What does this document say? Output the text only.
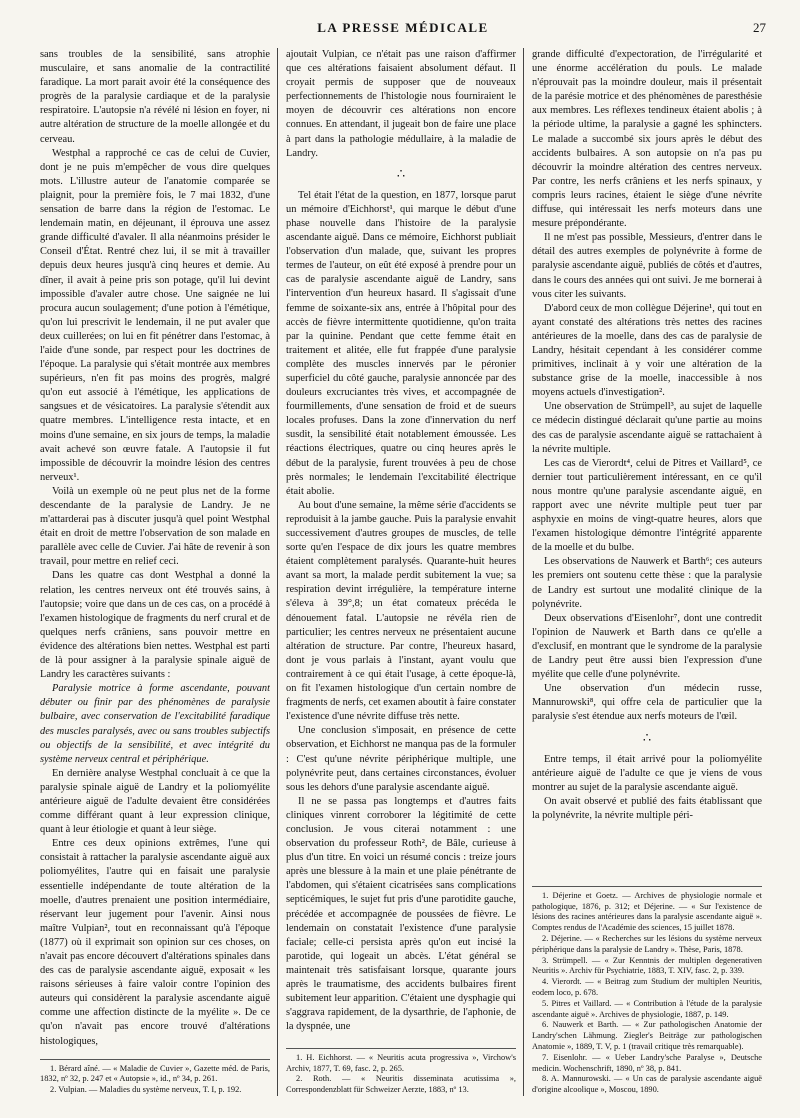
LA PRESSE MÉDICALE	27

sans troubles de la sensibilité, sans atrophie musculaire, et sans anomalie de la contractilité faradique. La mort parait avoir été la conséquence des progrès de la paralysie cardiaque et de la paralysie respiratoire. L'autopsie n'a révélé ni lésion en foyer, ni autre altération de structure de la moelle allongée et du cerveau.

Westphal a rapproché ce cas de celui de Cuvier, dont je ne puis m'empêcher de vous dire quelques mots. L'illustre auteur de l'anatomie comparée se plaignit, pour la première fois, le 7 mai 1832, d'une sensation de barre dans la région de l'estomac. Le lendemain matin, en déjeunant, il éprouva une assez grande difficulté d'avaler. Il alla néanmoins présider le Conseil d'État. Rentré chez lui, il se mit à travailler depuis deux heures jusqu'à cinq heures et demie. Au dîner, il avait à peine pris son potage, qu'il lui devint impossible d'avaler autre chose. Une saignée ne lui procura aucun soulagement; d'une potion à l'émétique, qu'on lui prescrivit le lendemain, il ne put avaler que deux cuillerées; on lui en fit pénétrer dans l'estomac, à l'aide d'une sonde, par respect pour les doctrines de l'époque. La paralysie qui s'était montrée aux membres supérieurs, n'en fit pas moins des progrès, malgré qu'on eut associé à l'émétique, les applications de sangsues et de vésicatoires. La paralysie s'étendit aux quatre membres. L'intelligence resta intacte, et en moins d'une semaine, en six jours de temps, la maladie avait achevé son œuvre fatale. A l'autopsie il fut impossible de découvrir la moindre lésion des centres nerveux¹.

Voilà un exemple où ne peut plus net de la forme descendante de la paralysie de Landry. Je ne m'attarderai pas à discuter jusqu'à quel point Westphal était en droit de mettre l'observation de son malade en parallèle avec celle de Cuvier. J'ai hâte de revenir à son travail, pour mettre en relief ceci.

Dans les quatre cas dont Westphal a donné la relation, les centres nerveux ont été trouvés sains, à l'autopsie; voire que dans un de ces cas, on a procédé à l'examen histologique de fragments du nerf crural et de quelques nerfs crâniens, sans pouvoir mettre en évidence des altérations bien nettes. Westphal est parti de là pour assigner à la paralysie spinale aiguë de Landry les caractères suivants :

Paralysie motrice à forme ascendante, pouvant débuter ou finir par des phénomènes de paralysie bulbaire, avec conservation de l'excitabilité faradique des muscles paralysés, avec ou sans troubles subjectifs ou objectifs de la sensibilité, et avec intégrité du système nerveux central et périphérique.

En dernière analyse Westphal concluait à ce que la paralysie spinale aiguë de Landry et la poliomyélite antérieure aiguë de l'adulte devaient être considérées comme différant quant à leur expression clinique, quant à leur étiologie et quant à leur siège.

Entre ces deux opinions extrêmes, l'une qui consistait à rattacher la paralysie ascendante aiguë aux poliomyélites, l'autre qui en faisait une paralysie essentielle indépendante de toute altération de la moelle, d'autres prenaient une position intermédiaire, réservant leur jugement pour l'avenir. Ainsi nous maître Vulpian², tout en reconnaissant qu'à l'époque (1877) où il exprimait son opinion sur ces choses, on n'avait pas encore découvert d'altérations spinales dans des cas de paralysie ascendante aiguë, exposait « les raisons sérieuses à faire valoir contre l'opinion des auteurs qui considèrent la paralysie ascendante aiguë comme une affection distincte de la myélite ». De ce qu'on n'avait pas encore trouvé d'altérations histologiques,

1. Bérard aîné. — « Maladie de Cuvier », Gazette méd. de Paris, 1832, nº 32, p. 247 et « Autopsie », id., nº 34, p. 261.

2. Vulpian. — Maladies du système nerveux, T. I, p. 192.

ajoutait Vulpian, ce n'était pas une raison d'affirmer que ces altérations faisaient absolument défaut. Il croyait permis de supposer que de nouveaux perfectionnements de l'histologie nous fourniraient le moyen de découvrir ces altérations non encore connues. En attendant, il jugeait bon de faire une place à part dans la pathologie médullaire, à la maladie de Landry.

∴

Tel était l'état de la question, en 1877, lorsque parut un mémoire d'Eichhorst¹, qui marque le début d'une phase nouvelle dans l'histoire de la paralysie ascendante aiguë. Dans ce mémoire, Eichhorst publiait l'observation d'un malade, que, suivant les propres termes de l'auteur, on eût été exposé à prendre pour un cas de paralysie ascendante aiguë de Landry, sans l'intervention d'un heureux hasard. Il s'agissait d'une femme de soixante-six ans, entrée à l'hôpital pour des accès de fièvre intermittente quotidienne, qu'on traita par la quinine. Pendant que cette femme était en traitement et alitée, elle fut frappée d'une paralysie complète des muscles innervés par le péronier superficiel du côté gauche, paralysie annoncée par des douleurs excruciantes très vives, et accompagnée de fourmillements, d'une sensation de froid et de sueurs locales profuses. Dans la zone d'innervation du nerf susdit, la sensibilité était notablement émoussée. Les réactions électriques, quatre ou cinq heures après le début de la paralysie, furent trouvées à peu de chose près normales; le lendemain l'excitabilité électrique était abolie.

Au bout d'une semaine, la même série d'accidents se reproduisit à la jambe gauche. Puis la paralysie envahit successivement d'autres groupes de muscles, de telle sorte qu'en l'espace de dix jours les quatre membres étaient complètement paralysés. Quarante-huit heures avant sa mort, la malade perdit subitement la vue; sa respiration devint irrégulière, la température interne s'éleva à 39°,8; un état comateux précéda le dénouement fatal. L'autopsie ne révéla rien de particulier; les centres nerveux ne présentaient aucune altération de structure. Par contre, l'heureux hasard, dont je vous parlais à l'instant, ayant voulu que contrairement à ce qui était l'usage, à cette époque-là, on fit l'examen histologique d'un certain nombre de fragments de nerfs, cet examen aboutit à faire constater l'existence d'une névrite diffuse très nette.

Une conclusion s'imposait, en présence de cette observation, et Eichhorst ne manqua pas de la formuler : C'est qu'une névrite périphérique multiple, une polynévrite peut, dans certaines circonstances, évoluer sous les dehors d'une paralysie ascendante aiguë.

Il ne se passa pas longtemps et d'autres faits cliniques vinrent corroborer la légitimité de cette conclusion. Je vous citerai notamment : une observation du professeur Roth², de Bâle, curieuse à plus d'un titre. En voici un résumé concis : treize jours après une blessure à la main et une plaie pénétrante de l'abdomen, qui s'étaient cicatrisées sans complications septicémiques, le sujet fut pris d'une parotidite gauche, précédée et accompagnée de poussées de fièvre. Le lendemain on constatait l'existence d'une paralysie faciale; celle-ci persista après qu'on eut incisé la parotide, qui logeait un abcès. L'état général se maintenait très satisfaisant lorsque, quarante jours après le traumatisme, des accidents bulbaires firent subitement leur apparition. C'étaient une dysphagie qui s'aggrava rapidement, de la dysarthrie, de l'aphonie, de la dyspnée, une

1. H. Eichhorst. — « Neuritis acuta progressiva », Virchow's Archiv, 1877, T. 69, fasc. 2, p. 265.

2. Roth. — « Neuritis disseminata acutissima », Correspondenzblatt für Schweizer Aerzte, 1883, nº 13.

grande difficulté d'expectoration, de l'irrégularité et une énorme accélération du pouls. Le malade n'éprouvait pas la moindre douleur, mais il présentait de la parésie motrice et des phénomènes de paresthésie aux membres. Les réflexes tendineux étaient abolis ; à la période ultime, la paralysie a gagné les sphincters. Le malade a succombé six jours après le début des accidents bulbaires. A son autopsie on n'a pas pu découvrir la moindre altération des centres nerveux. Par contre, les nerfs crâniens et les nerfs spinaux, y compris leurs racines, étaient le siège d'une névrite diffuse, qui intéressait les nerfs moteurs dans une mesure prépondérante.

Il ne m'est pas possible, Messieurs, d'entrer dans le détail des autres exemples de polynévrite à forme de paralysie ascendante aiguë, publiés de côtés et d'autres, dans le cours des années qui ont suivi. Je me bornerai à vous citer les suivants.

D'abord ceux de mon collègue Déjerine¹, qui tout en ayant constaté des altérations très nettes des racines antérieures de la moelle, dans des cas de paralysie de Landry, hésitait cependant à les considérer comme primitives, inclinait à y voir une altération de la substance grise de la moelle, inaccessible à nos moyens actuels d'investigation².

Une observation de Strümpell³, au sujet de laquelle ce médecin distingué déclarait qu'une partie au moins des cas de paralysie ascendante aiguë se rattachaient à la névrite multiple.

Les cas de Vierordt⁴, celui de Pitres et Vaillard⁵, ce dernier tout particulièrement intéressant, en ce qu'il nous montre qu'une paralysie ascendante aiguë, en rapport avec une névrite multiple peut tuer par asphyxie en moins de vingt-quatre heures, alors que l'examen histologique démontre l'intégrité apparente de la moelle et du bulbe.

Les observations de Nauwerk et Barth⁶; ces auteurs les premiers ont soutenu cette thèse : que la paralysie de Landry est surtout une modalité clinique de la polynévrite.

Deux observations d'Eisenlohr⁷, dont une contredit l'opinion de Nauwerk et Barth dans ce qu'elle a d'exclusif, en montrant que le syndrome de la paralysie de Landry peut être aussi bien l'expression d'une myélite que celle d'une polynévrite.

Une observation d'un médecin russe, Mannurowski⁸, qui offre cela de particulier que la paralysie s'est étendue aux nerfs moteurs de l'œil.

∴

Entre temps, il était arrivé pour la poliomyélite antérieure aiguë de l'adulte ce que je viens de vous montrer au sujet de la paralysie ascendante aiguë.

On avait observé et publié des faits établissant que la polynévrite, la névrite multiple péri-

1. Déjerine et Goetz. — Archives de physiologie normale et pathologique, 1876, p. 312; et Déjerine. — « Sur l'existence de lésions des racines antérieures dans la paralysie ascendante aiguë ». Comptes rendus de l'Académie des sciences, 15 juillet 1878.

2. Déjerine. — « Recherches sur les lésions du système nerveux périphérique dans la paralysie de Landry ». Thèse, Paris, 1878.

3. Strümpell. — « Zur Kenntnis der multiplen degenerativen Neuritis ». Archiv für Psychiatrie, 1883, T. XIV, fasc. 2, p. 339.

4. Vierordt. — « Beitrag zum Studium der multiplen Neuritis, eodem loco, p. 678.

5. Pitres et Vaillard. — « Contribution à l'étude de la paralysie ascendante aiguë ». Archives de physiologie, 1887, p. 149.

6. Nauwerk et Barth. — « Zur pathologischen Anatomie der Landry'schen Lähmung. Ziegler's Beiträge zur pathologischen Anatomie », 1889, T. V, p. 1 (travail critique très remarquable).

7. Eisenlohr. — « Ueber Landry'sche Paralyse », Deutsche medicin. Wochenschrift, 1890, nº 38, p. 841.

8. A. Mannurowski. — « Un cas de paralysie ascendante aiguë d'origine alcoolique », Moscou, 1890.
